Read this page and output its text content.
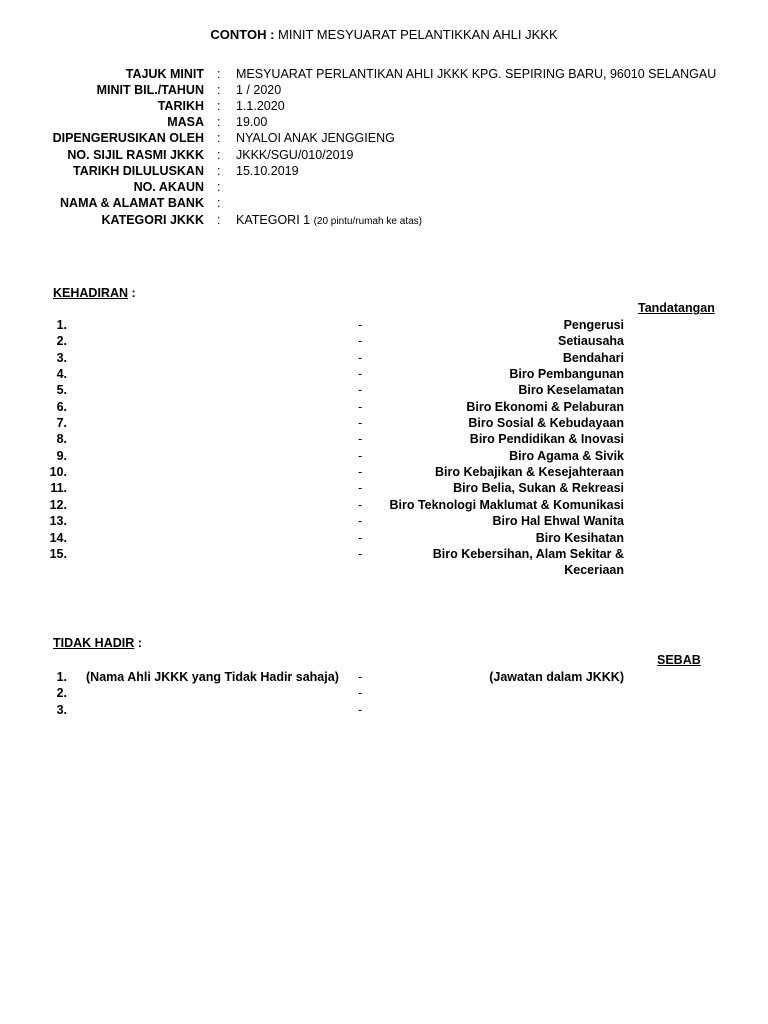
CONTOH : MINIT MESYUARAT PELANTIKKAN AHLI JKKK
TAJUK MINIT : MESYUARAT PERLANTIKAN AHLI JKKK KPG. SEPIRING BARU, 96010 SELANGAU
MINIT BIL./TAHUN : 1 / 2020
TARIKH : 1.1.2020
MASA : 19.00
DIPENGERUSIKAN OLEH : NYALOI ANAK JENGGIENG
NO. SIJIL RASMI JKKK : JKKK/SGU/010/2019
TARIKH DILULUSKAN : 15.10.2019
NO. AKAUN :
NAMA & ALAMAT BANK :
KATEGORI JKKK : KATEGORI 1 (20 pintu/rumah ke atas)
KEHADIRAN :
Tandatangan
1.	-	Pengerusi
2.	-	Setiausaha
3.	-	Bendahari
4.	-	Biro Pembangunan
5.	-	Biro Keselamatan
6.	-	Biro Ekonomi & Pelaburan
7.	-	Biro Sosial & Kebudayaan
8.	-	Biro Pendidikan & Inovasi
9.	-	Biro Agama & Sivik
10.	-	Biro Kebajikan & Kesejahteraan
11.	-	Biro Belia, Sukan & Rekreasi
12.	- Biro Teknologi Maklumat & Komunikasi
13.	-	Biro Hal Ehwal Wanita
14.	-	Biro Kesihatan
15.	-	Biro Kebersihan, Alam Sekitar &
Keceriaan
TIDAK HADIR :
SEBAB
1. (Nama Ahli JKKK yang Tidak Hadir sahaja) -	(Jawatan dalam JKKK)
2.	-
3.	-
